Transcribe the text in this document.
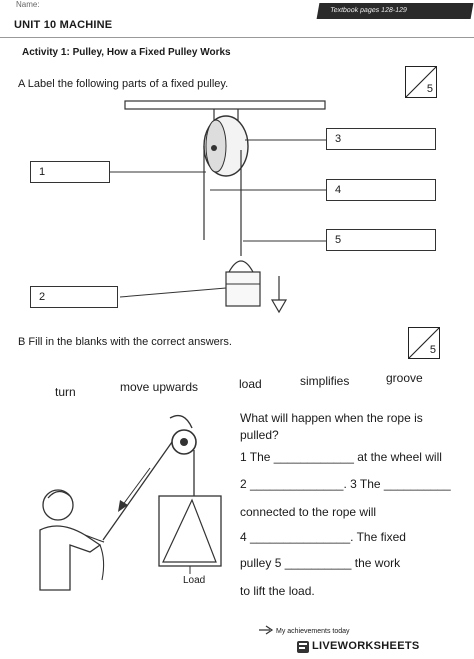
Name:
Textbook pages 128-129
UNIT 10 MACHINE
Activity 1: Pulley, How a Fixed Pulley Works
A Label the following parts of a fixed pulley.	5
1
2
3
4
5
B Fill in the blanks with the correct answers.
5
turn	move upwards	load	simplifies	groove
Load
What will happen when the rope is
pulled?
1 The ____________ at the wheel will
2 ______________. 3 The __________
connected to the rope will
4 _______________. The fixed
pulley 5 __________ the work
to lift the load.
My achievements today
LIVEWORKSHEETS
